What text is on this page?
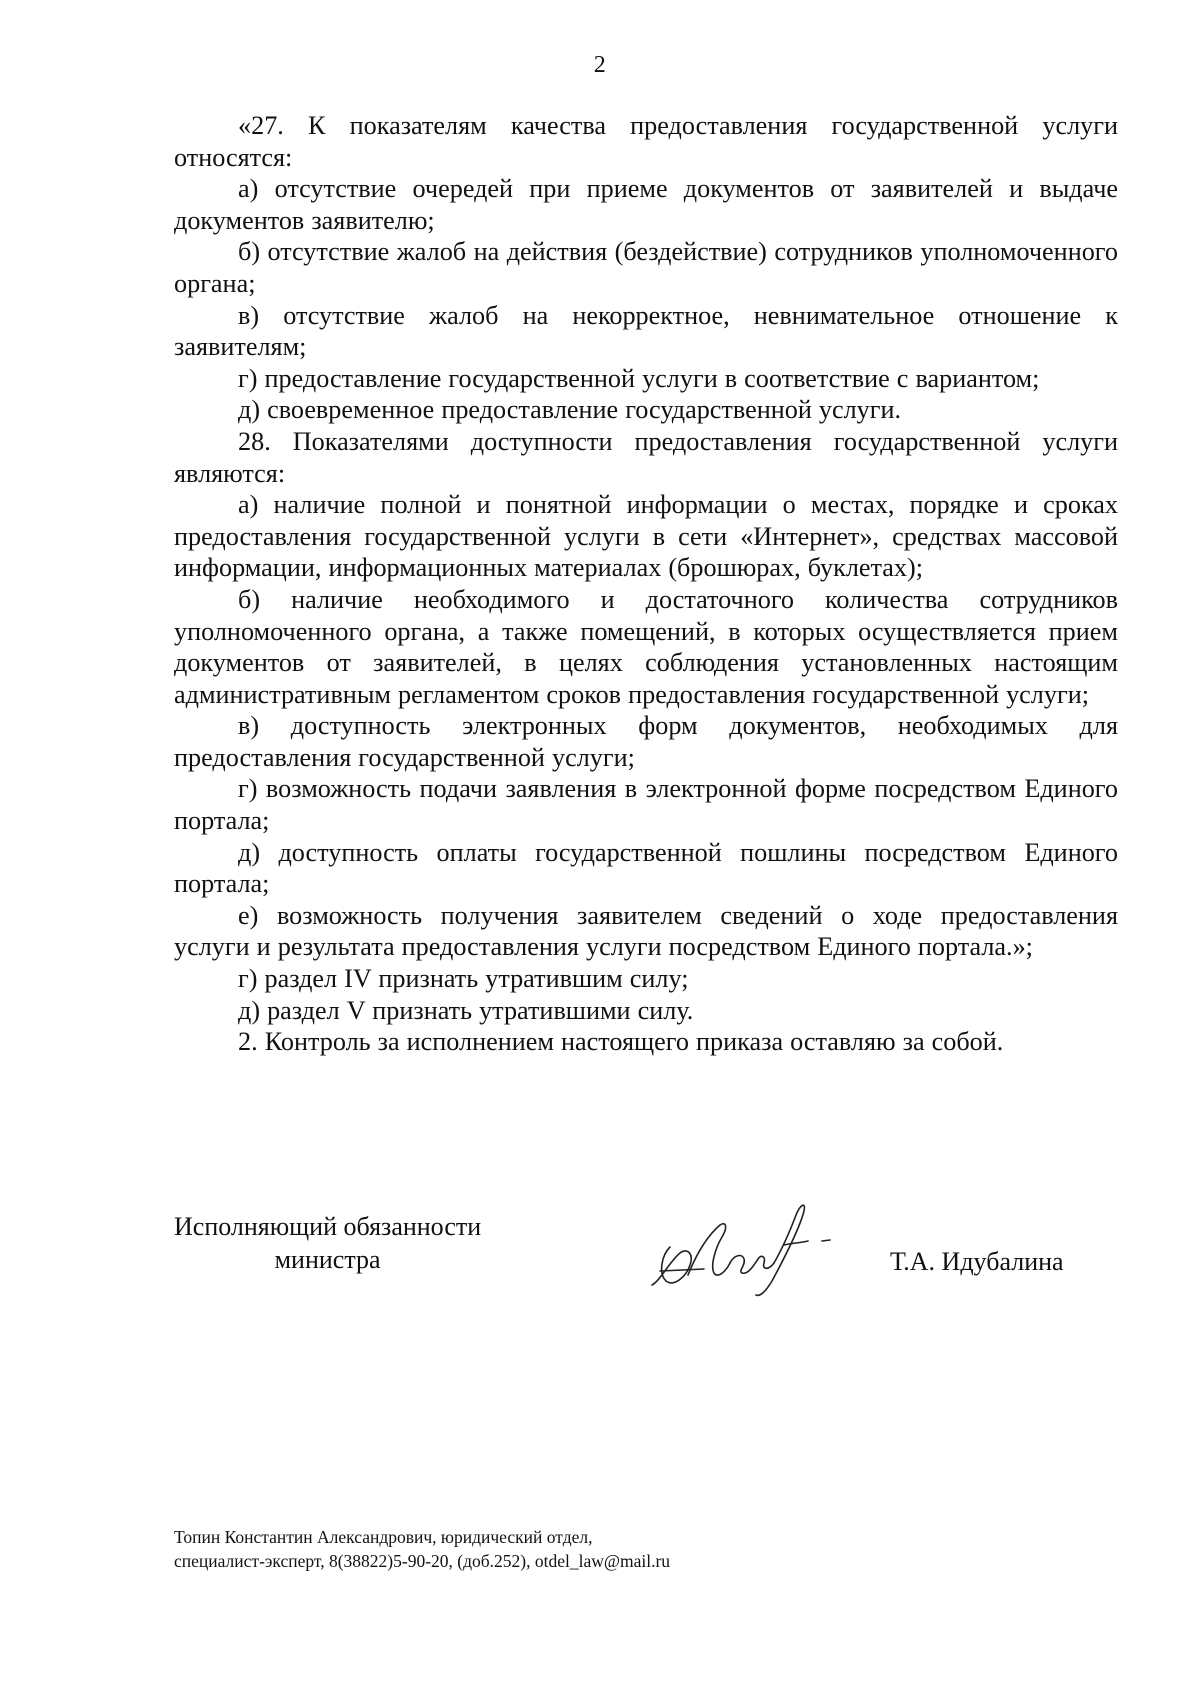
2

«27. К показателям качества предоставления государственной услуги относятся:

а) отсутствие очередей при приеме документов от заявителей и выдаче документов заявителю;

б) отсутствие жалоб на действия (бездействие) сотрудников уполномоченного органа;

в) отсутствие жалоб на некорректное, невнимательное отношение к заявителям;

г) предоставление государственной услуги в соответствие с вариантом;

д) своевременное предоставление государственной услуги.

28. Показателями доступности предоставления государственной услуги являются:

а) наличие полной и понятной информации о местах, порядке и сроках предоставления государственной услуги в сети «Интернет», средствах массовой информации, информационных материалах (брошюрах, буклетах);

б) наличие необходимого и достаточного количества сотрудников уполномоченного органа, а также помещений, в которых осуществляется прием документов от заявителей, в целях соблюдения установленных настоящим административным регламентом сроков предоставления государственной услуги;

в) доступность электронных форм документов, необходимых для предоставления государственной услуги;

г) возможность подачи заявления в электронной форме посредством Единого портала;

д) доступность оплаты государственной пошлины посредством Единого портала;

е) возможность получения заявителем сведений о ходе предоставления услуги и результата предоставления услуги посредством Единого портала.»;

г) раздел IV признать утратившим силу;

д) раздел V признать утратившими силу.

2. Контроль за исполнением настоящего приказа оставляю за собой.

Исполняющий обязанности
министра	Т.А. Идубалина
Топин Константин Александрович, юридический отдел,
специалист-эксперт, 8(38822)5-90-20, (доб.252), otdel_law@mail.ru
